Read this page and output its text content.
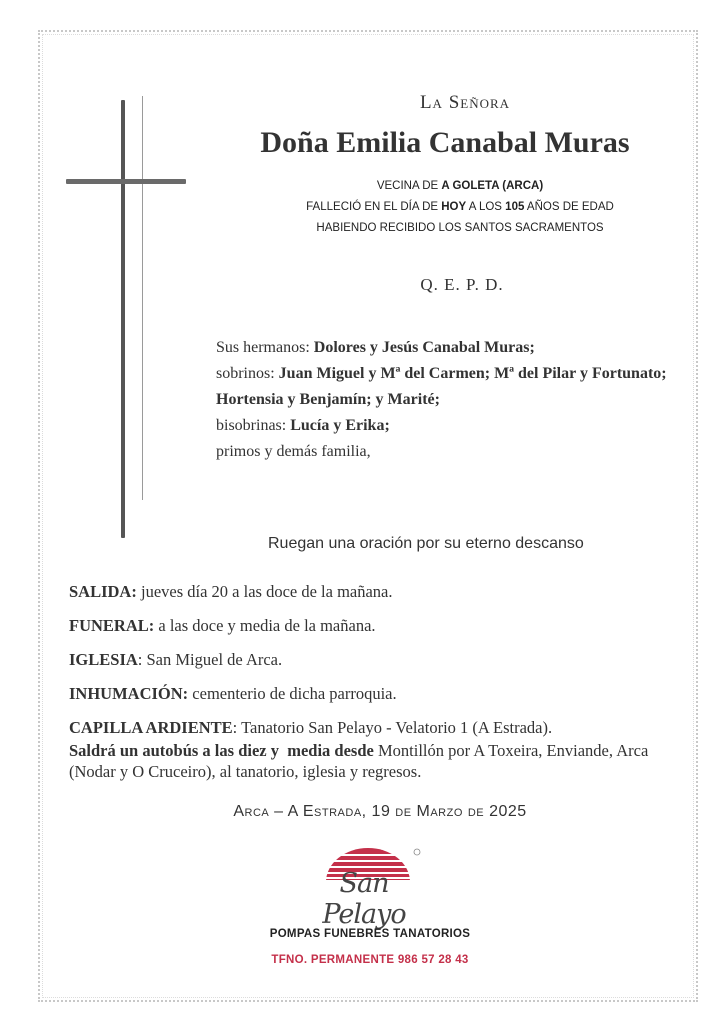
La Señora
Doña Emilia Canabal Muras
VECINA DE A GOLETA (ARCA)
FALLECIÓ EN EL DÍA DE HOY A LOS 105 AÑOS DE EDAD
HABIENDO RECIBIDO LOS SANTOS SACRAMENTOS
Q. E. P. D.
Sus hermanos: Dolores y Jesús Canabal Muras;
sobrinos: Juan Miguel y Mª del Carmen; Mª del Pilar y Fortunato; Hortensia y Benjamín; y Marité;
bisobrinas: Lucía y Erika;
primos y demás familia,
Ruegan una oración por su eterno descanso
SALIDA: jueves día 20 a las doce de la mañana.
FUNERAL: a las doce y media de la mañana.
IGLESIA: San Miguel de Arca.
INHUMACIÓN: cementerio de dicha parroquia.
CAPILLA ARDIENTE: Tanatorio San Pelayo - Velatorio 1 (A Estrada).
Saldrá un autobús a las diez y  media desde Montillón por A Toxeira, Enviande, Arca (Nodar y O Cruceiro), al tanatorio, iglesia y regresos.
Arca – A Estrada, 19 de Marzo de 2025
San Pelayo
POMPAS FUNEBRES TANATORIOS
TFNO. PERMANENTE 986 57 28 43
